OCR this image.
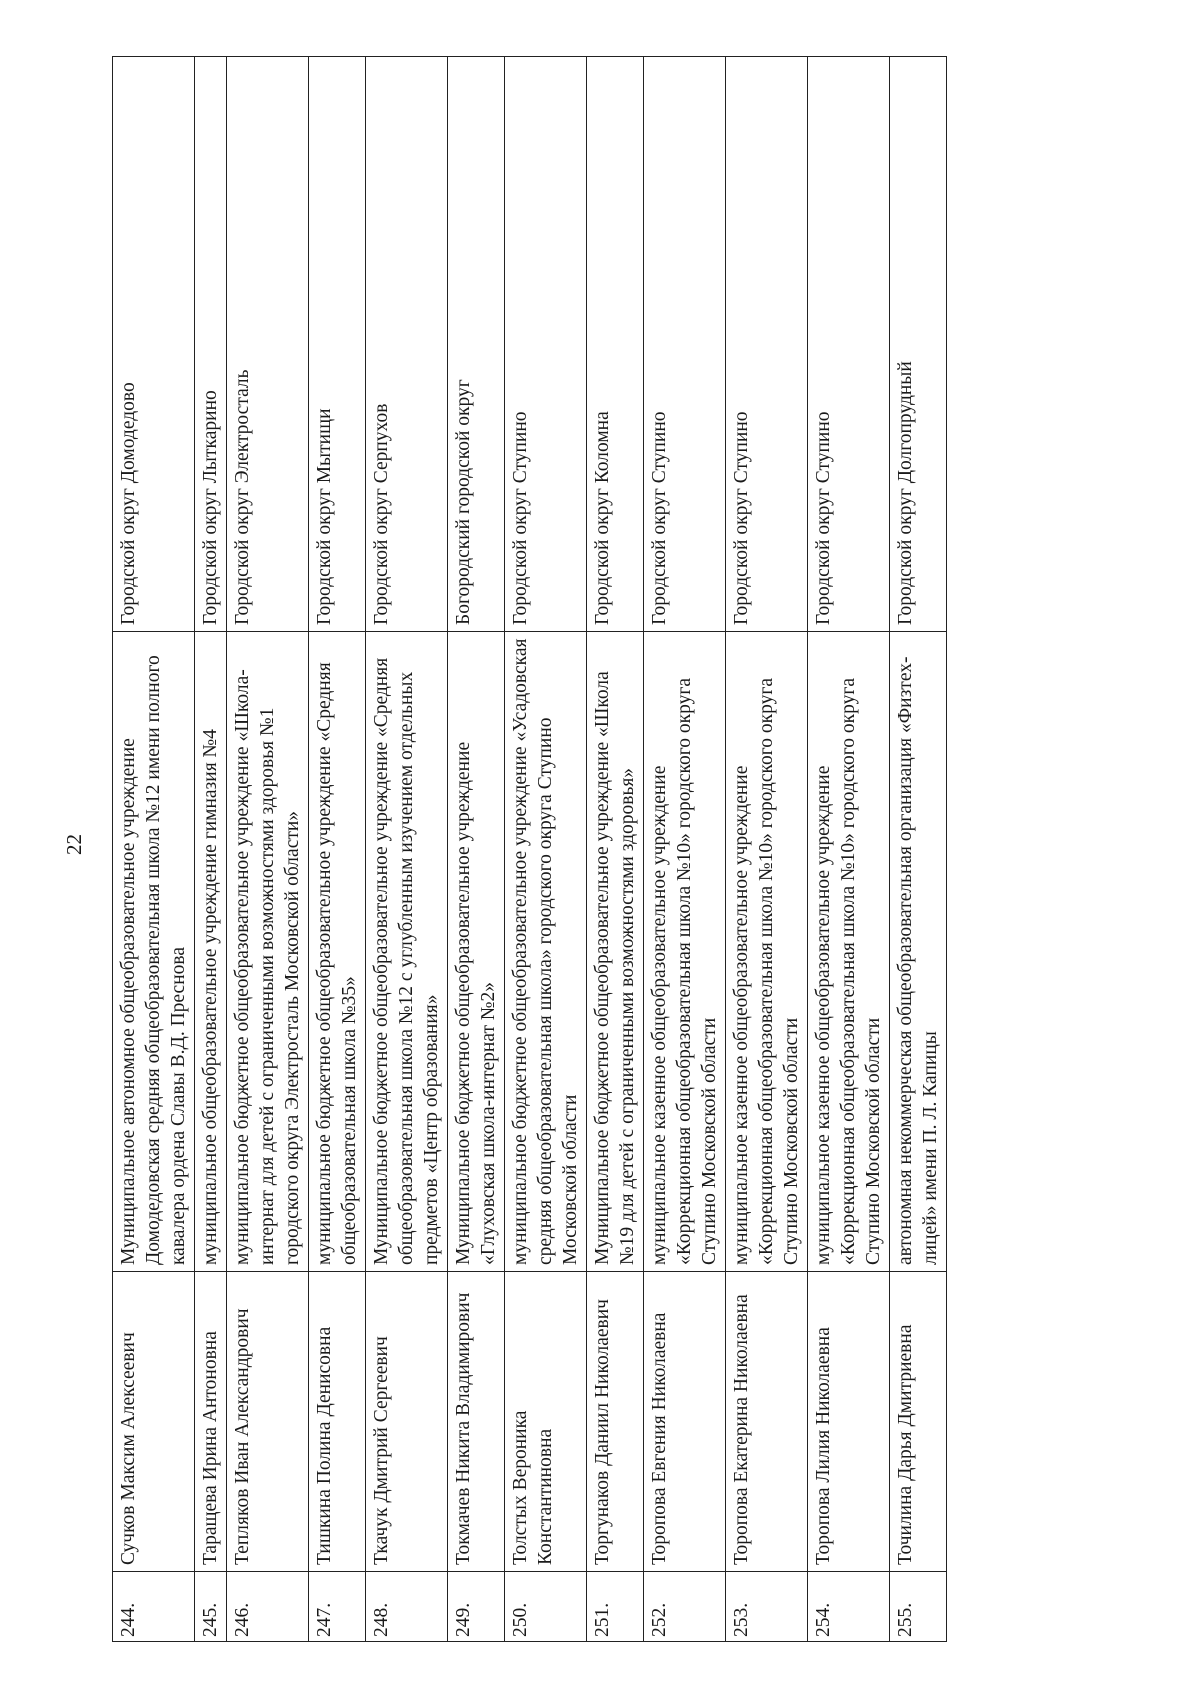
22
244.	Сучков Максим Алексеевич	Муниципальное автономное общеобразовательное учреждение Домодедовская средняя общеобразовательная школа №12 имени полного кавалера ордена Славы В.Д. Преснова	Городской округ Домодедово
245.	Таращева Ирина Антоновна	муниципальное общеобразовательное учреждение гимназия №4	Городской округ Лыткарино
246.	Тепляков Иван Александрович	муниципальное бюджетное общеобразовательное учреждение «Школа-интернат для детей с ограниченными возможностями здоровья №1 городского округа Электросталь Московской области»	Городской округ Электросталь
247.	Тишкина Полина Денисовна	муниципальное бюджетное общеобразовательное учреждение «Средняя общеобразовательная школа №35»	Городской округ Мытищи
248.	Ткачук Дмитрий Сергеевич	Муниципальное бюджетное общеобразовательное учреждение «Средняя общеобразовательная школа №12 с углубленным изучением отдельных предметов «Центр образования»	Городской округ Серпухов
249.	Токмачев Никита Владимирович	Муниципальное бюджетное общеобразовательное учреждение «Глуховская школа-интернат №2»	Богородский городской округ
250.	Толстых Вероника Константиновна	муниципальное бюджетное общеобразовательное учреждение «Усадовская средняя общеобразовательная школа» городского округа Ступино Московской области	Городской округ Ступино
251.	Торгунаков Даниил Николаевич	Муниципальное бюджетное общеобразовательное учреждение «Школа №19 для детей с ограниченными возможностями здоровья»	Городской округ Коломна
252.	Торопова Евгения Николаевна	муниципальное казенное общеобразовательное учреждение «Коррекционная общеобразовательная школа №10» городского округа Ступино Московской области	Городской округ Ступино
253.	Торопова Екатерина Николаевна	муниципальное казенное общеобразовательное учреждение «Коррекционная общеобразовательная школа №10» городского округа Ступино Московской области	Городской округ Ступино
254.	Торопова Лилия Николаевна	муниципальное казенное общеобразовательное учреждение «Коррекционная общеобразовательная школа №10» городского округа Ступино Московской области	Городской округ Ступино
255.	Точилина Дарья Дмитриевна	автономная некоммерческая общеобразовательная организация «Физтех-лицей» имени П. Л. Капицы	Городской округ Долгопрудный
